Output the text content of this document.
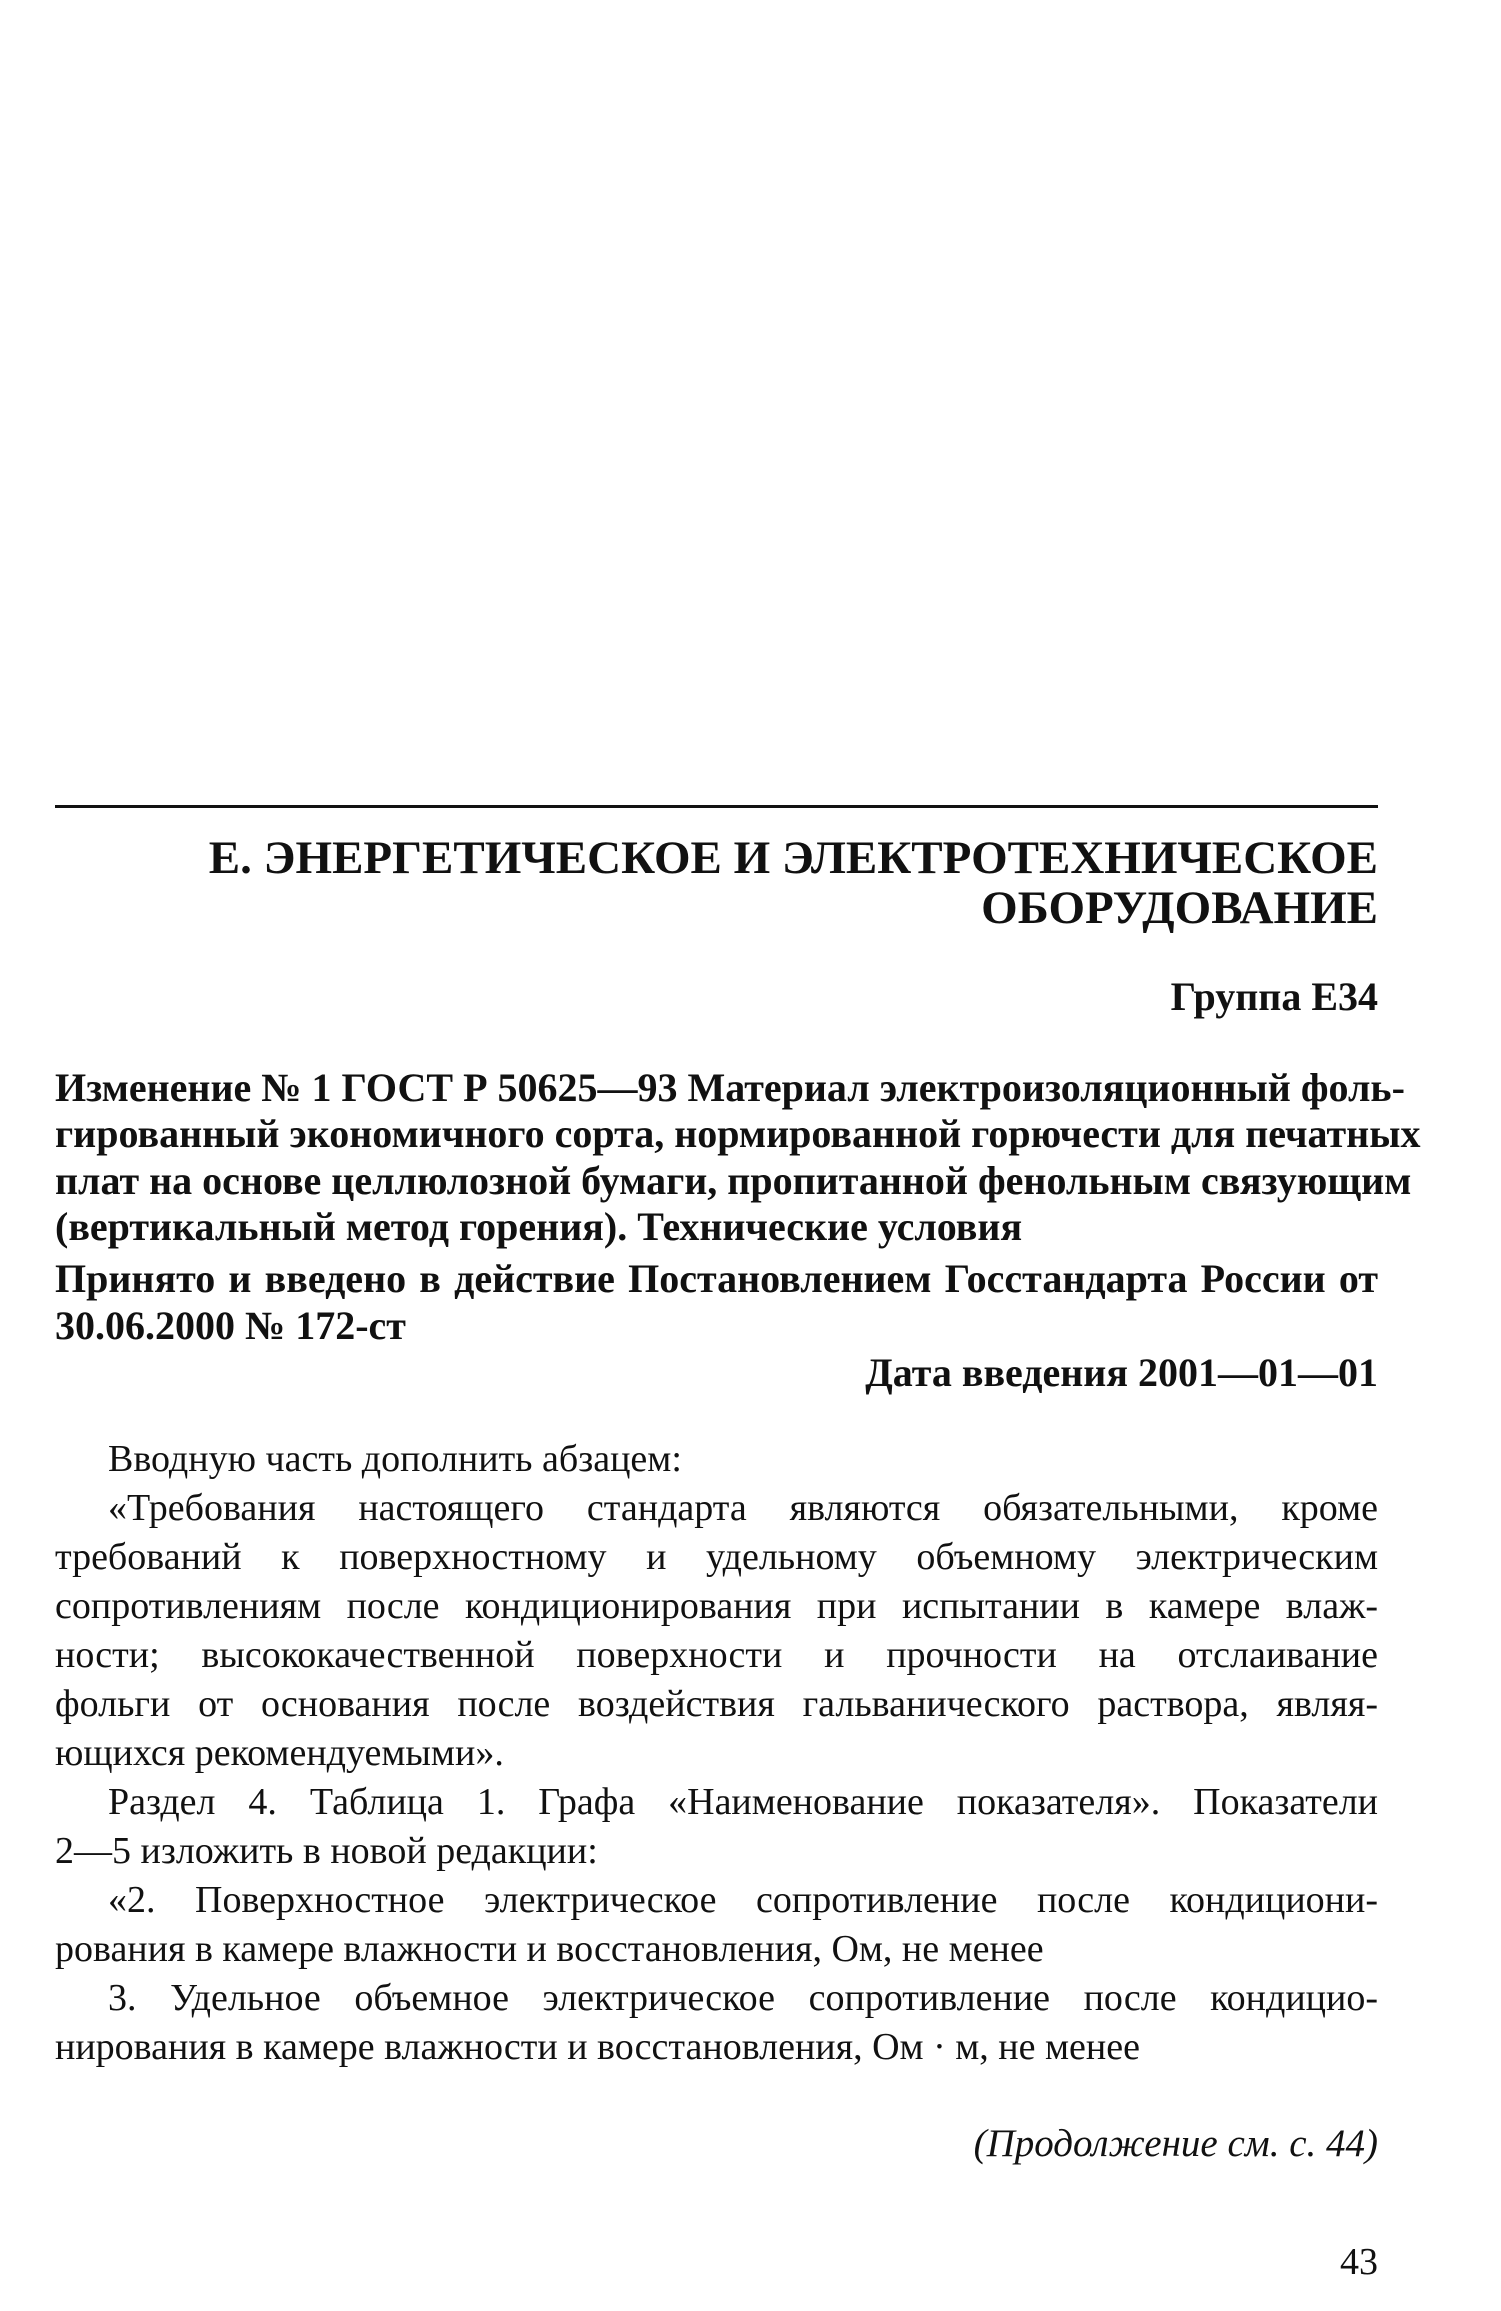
Е. ЭНЕРГЕТИЧЕСКОЕ И ЭЛЕКТРОТЕХНИЧЕСКОЕ
ОБОРУДОВАНИЕ
Группа Е34
Изменение № 1 ГОСТ Р 50625—93 Материал электроизоляционный фоль-
гированный экономичного сорта, нормированной горючести для печатных
плат на основе целлюлозной бумаги, пропитанной фенольным связующим
(вертикальный метод горения). Технические условия
Принято и введено в действие Постановлением Госстандарта России от
30.06.2000 № 172-ст
Дата введения 2001—01—01
Вводную часть дополнить абзацем:
«Требования настоящего стандарта являются обязательными, кроме
требований к поверхностному и удельному объемному электрическим
сопротивлениям после кондиционирования при испытании в камере влаж-
ности; высококачественной поверхности и прочности на отслаивание
фольги от основания после воздействия гальванического раствора, являя-
ющихся рекомендуемыми».
Раздел 4. Таблица 1. Графа «Наименование показателя». Показатели
2—5 изложить в новой редакции:
«2. Поверхностное электрическое сопротивление после кондициони-
рования в камере влажности и восстановления, Ом, не менее
3. Удельное объемное электрическое сопротивление после кондицио-
нирования в камере влажности и восстановления, Ом · м, не менее
(Продолжение см. с. 44)
43
